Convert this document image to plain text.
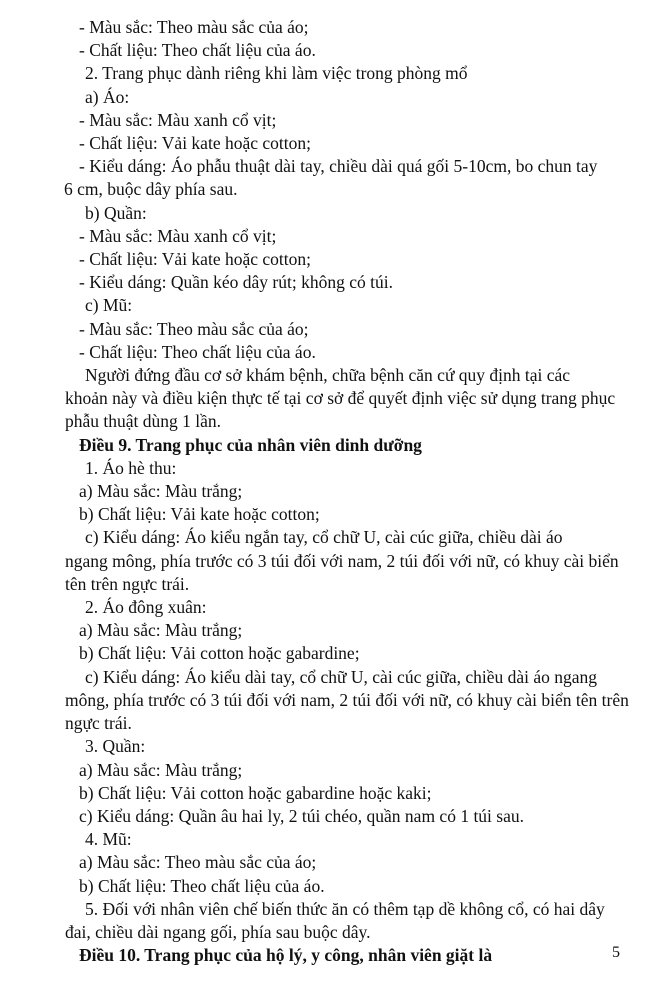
- Màu sắc: Theo màu sắc của áo;
- Chất liệu: Theo chất liệu của áo.
2. Trang phục dành riêng khi làm việc trong phòng mổ
a) Áo:
- Màu sắc: Màu xanh cổ vịt;
- Chất liệu: Vải kate hoặc cotton;
- Kiểu dáng: Áo phẫu thuật dài tay, chiều dài quá gối 5-10cm, bo chun tay
6 cm, buộc dây phía sau.
b) Quần:
- Màu sắc: Màu xanh cổ vịt;
- Chất liệu: Vải kate hoặc cotton;
- Kiểu dáng: Quần kéo dây rút; không có túi.
c) Mũ:
- Màu sắc: Theo màu sắc của áo;
- Chất liệu: Theo chất liệu của áo.
Người đứng đầu cơ sở khám bệnh, chữa bệnh căn cứ quy định tại các
khoản này và điều kiện thực tế tại cơ sở để quyết định việc sử dụng trang phục
phẫu thuật dùng 1 lần.
Điều 9. Trang phục của nhân viên dinh dưỡng
1. Áo hè thu:
a) Màu sắc: Màu trắng;
b) Chất liệu: Vải kate hoặc cotton;
c) Kiểu dáng: Áo kiểu ngắn tay, cổ chữ U, cài cúc giữa, chiều dài áo
ngang mông, phía trước có 3 túi đối với nam, 2 túi đối với nữ, có khuy cài biển
tên trên ngực trái.
2. Áo đông xuân:
a) Màu sắc: Màu trắng;
b) Chất liệu: Vải cotton hoặc gabardine;
c) Kiểu dáng: Áo kiểu dài tay, cổ chữ U, cài cúc giữa, chiều dài áo ngang
mông, phía trước có 3 túi đối với nam, 2 túi đối với nữ, có khuy cài biển tên trên
ngực trái.
3. Quần:
a) Màu sắc: Màu trắng;
b) Chất liệu: Vải cotton hoặc gabardine hoặc kaki;
c) Kiểu dáng: Quần âu hai ly, 2 túi chéo, quần nam có 1 túi sau.
4. Mũ:
a) Màu sắc: Theo màu sắc của áo;
b) Chất liệu: Theo chất liệu của áo.
5. Đối với nhân viên chế biến thức ăn có thêm tạp dề không cổ, có hai dây
đai, chiều dài ngang gối, phía sau buộc dây.
Điều 10. Trang phục của hộ lý, y công, nhân viên giặt là	5
